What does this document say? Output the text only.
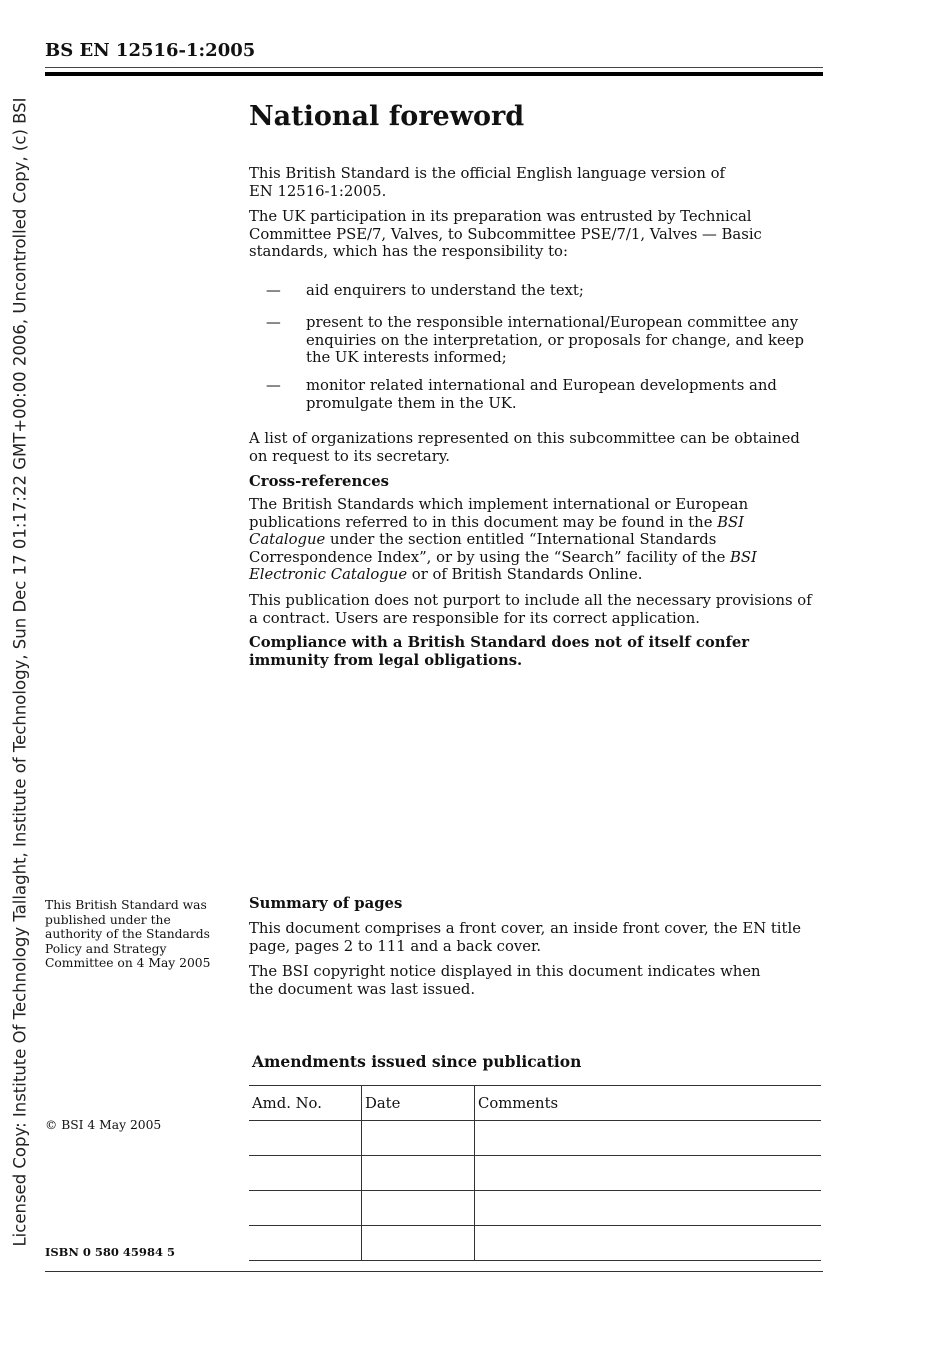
Licensed Copy: Institute Of Technology Tallaght, Institute of Technology, Sun Dec 17 01:17:22 GMT+00:00 2006, Uncontrolled Copy, (c) BSI
BS EN 12516-1:2005
National foreword

This British Standard is the official English language version of EN 12516-1:2005.

The UK participation in its preparation was entrusted by Technical Committee PSE/7, Valves, to Subcommittee PSE/7/1, Valves — Basic standards, which has the responsibility to:

— aid enquirers to understand the text;

— present to the responsible international/European committee any enquiries on the interpretation, or proposals for change, and keep the UK interests informed;

— monitor related international and European developments and promulgate them in the UK.

A list of organizations represented on this subcommittee can be obtained on request to its secretary.

Cross-references

The British Standards which implement international or European publications referred to in this document may be found in the BSI Catalogue under the section entitled “International Standards Correspondence Index”, or by using the “Search” facility of the BSI Electronic Catalogue or of British Standards Online.

This publication does not purport to include all the necessary provisions of a contract. Users are responsible for its correct application.

Compliance with a British Standard does not of itself confer immunity from legal obligations.

This British Standard was published under the authority of the Standards Policy and Strategy Committee on 4 May 2005
Summary of pages

This document comprises a front cover, an inside front cover, the EN title page, pages 2 to 111 and a back cover.

The BSI copyright notice displayed in this document indicates when the document was last issued.

Amendments issued since publication
Amd. No.	Date	Comments

© BSI 4 May 2005
ISBN 0 580 45984 5
